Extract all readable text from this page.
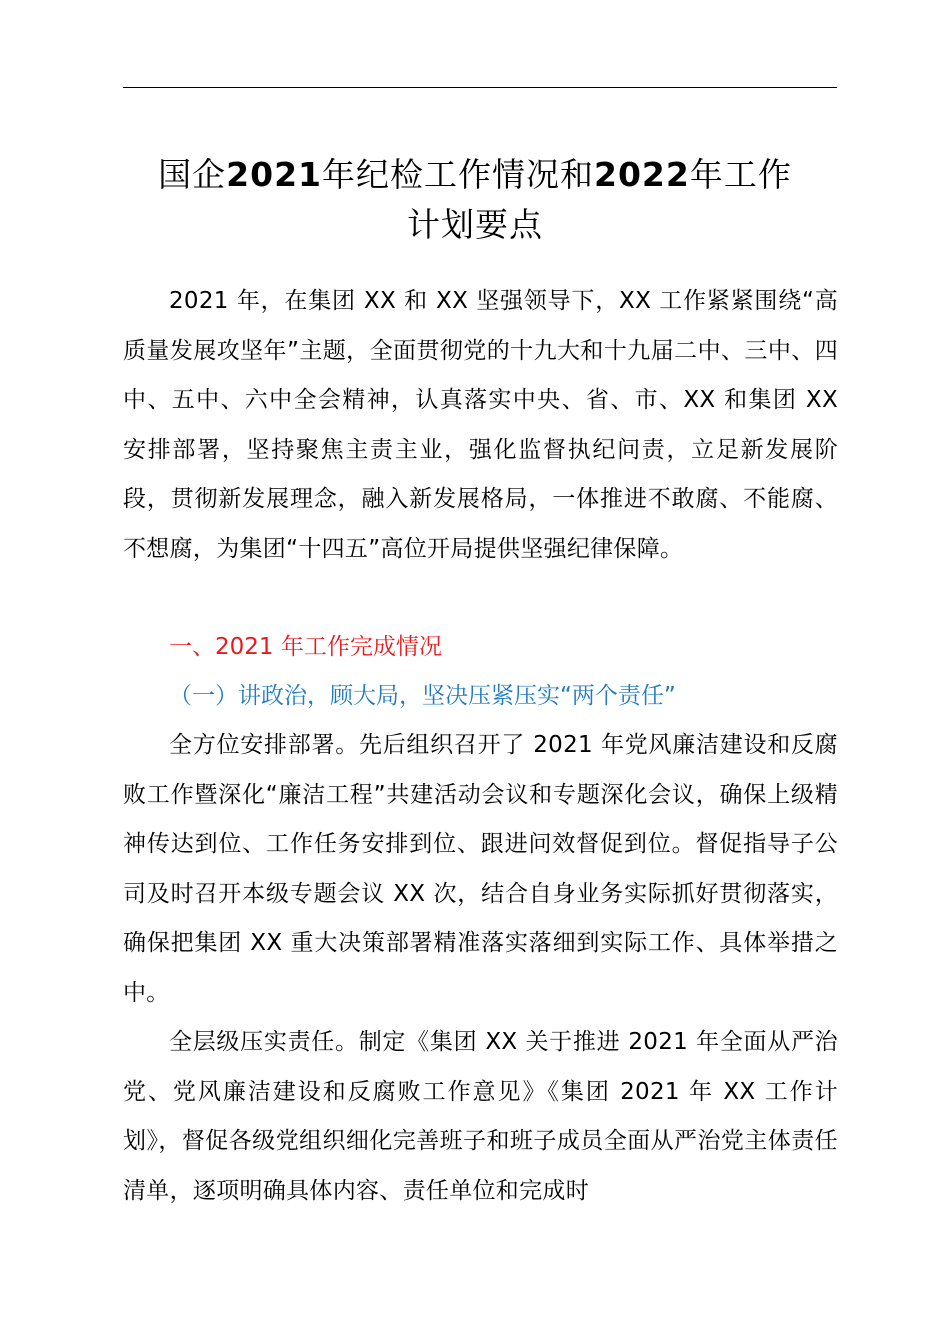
国企2021年纪检工作情况和2022年工作
计划要点

2021 年，在集团 XX 和 XX 坚强领导下，XX 工作紧紧围绕“高质量发展攻坚年”主题，全面贯彻党的十九大和十九届二中、三中、四中、五中、六中全会精神，认真落实中央、省、市、XX 和集团 XX 安排部署，坚持聚焦主责主业，强化监督执纪问责，立足新发展阶段，贯彻新发展理念，融入新发展格局，一体推进不敢腐、不能腐、不想腐，为集团“十四五”高位开局提供坚强纪律保障。

一、2021 年工作完成情况
（一）讲政治，顾大局，坚决压紧压实“两个责任”

全方位安排部署。先后组织召开了 2021 年党风廉洁建设和反腐败工作暨深化“廉洁工程”共建活动会议和专题深化会议，确保上级精神传达到位、工作任务安排到位、跟进问效督促到位。督促指导子公司及时召开本级专题会议 XX 次，结合自身业务实际抓好贯彻落实，确保把集团 XX 重大决策部署精准落实落细到实际工作、具体举措之中。

全层级压实责任。制定《集团 XX 关于推进 2021 年全面从严治党、党风廉洁建设和反腐败工作意见》《集团 2021 年 XX 工作计划》，督促各级党组织细化完善班子和班子成员全面从严治党主体责任清单，逐项明确具体内容、责任单位和完成时
